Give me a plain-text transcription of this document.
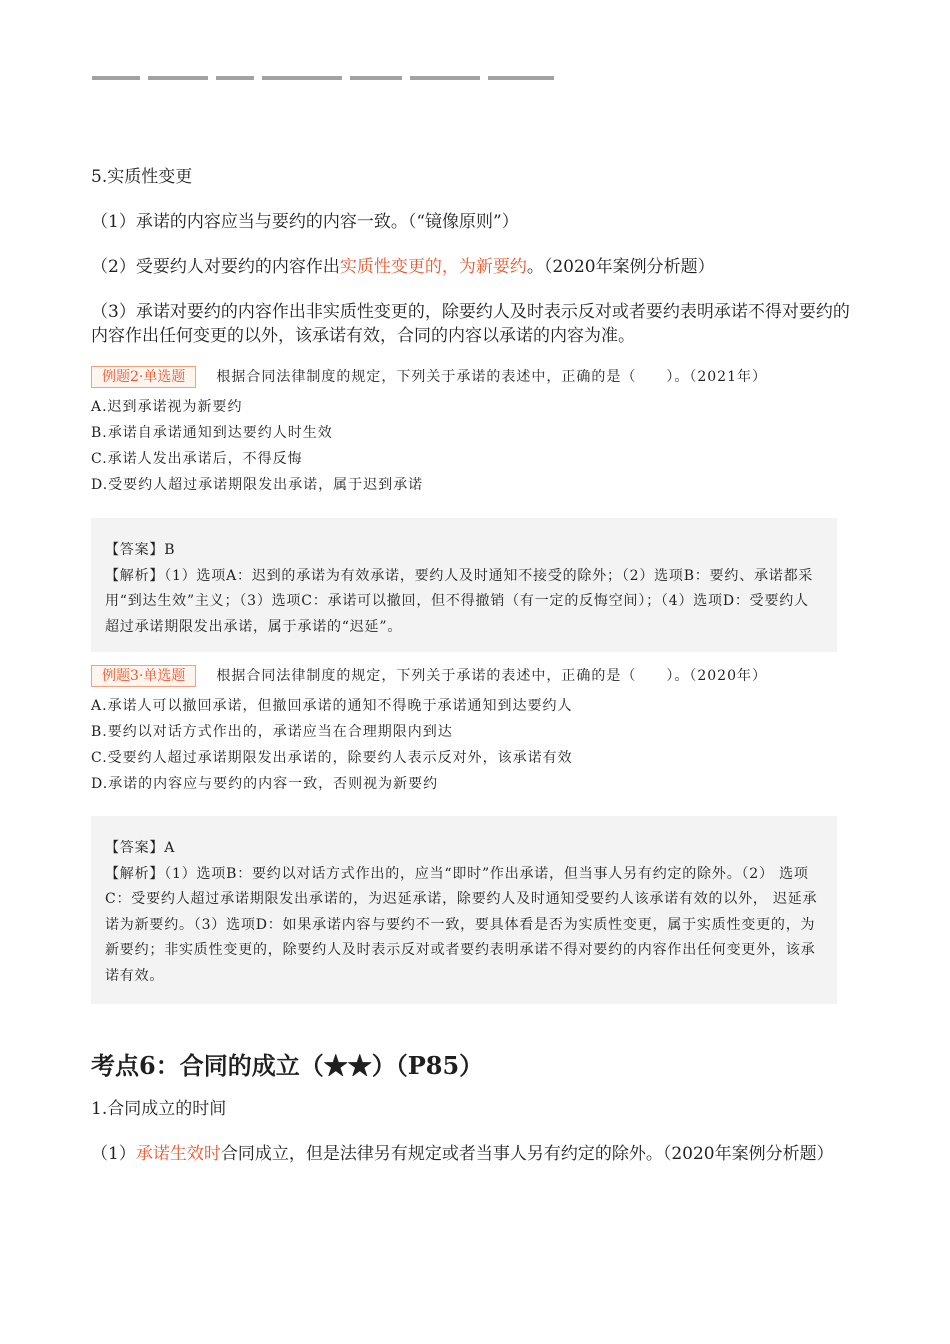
5.实质性变更

（1）承诺的内容应当与要约的内容一致。（“镜像原则”）

（2）受要约人对要约的内容作出实质性变更的，为新要约。（2020年案例分析题）

（3）承诺对要约的内容作出非实质性变更的，除要约人及时表示反对或者要约表明承诺不得对要约的内容作出任何变更的以外，该承诺有效，合同的内容以承诺的内容为准。

例题2·单选题 根据合同法律制度的规定，下列关于承诺的表述中，正确的是（　　）。（2021年）
A.迟到承诺视为新要约
B.承诺自承诺通知到达要约人时生效
C.承诺人发出承诺后，不得反悔
D.受要约人超过承诺期限发出承诺，属于迟到承诺

【答案】B

【解析】（1）选项A：迟到的承诺为有效承诺，要约人及时通知不接受的除外；（2）选项B：要约、承诺都采用“到达生效”主义；（3）选项C：承诺可以撤回，但不得撤销（有一定的反悔空间）；（4）选项D：受要约人超过承诺期限发出承诺，属于承诺的“迟延”。

例题3·单选题 根据合同法律制度的规定，下列关于承诺的表述中，正确的是（　　）。（2020年）
A.承诺人可以撤回承诺，但撤回承诺的通知不得晚于承诺通知到达要约人
B.要约以对话方式作出的，承诺应当在合理期限内到达
C.受要约人超过承诺期限发出承诺的，除要约人表示反对外，该承诺有效
D.承诺的内容应与要约的内容一致，否则视为新要约

【答案】A

【解析】（1）选项B：要约以对话方式作出的，应当“即时”作出承诺，但当事人另有约定的除外。（2） 选项C：受要约人超过承诺期限发出承诺的，为迟延承诺，除要约人及时通知受要约人该承诺有效的以外， 迟延承诺为新要约。（3）选项D：如果承诺内容与要约不一致，要具体看是否为实质性变更，属于实质性变更的，为新要约；非实质性变更的，除要约人及时表示反对或者要约表明承诺不得对要约的内容作出任何变更外，该承诺有效。

考点6：合同的成立（★★）（P85）

1.合同成立的时间

（1）承诺生效时合同成立，但是法律另有规定或者当事人另有约定的除外。（2020年案例分析题）
